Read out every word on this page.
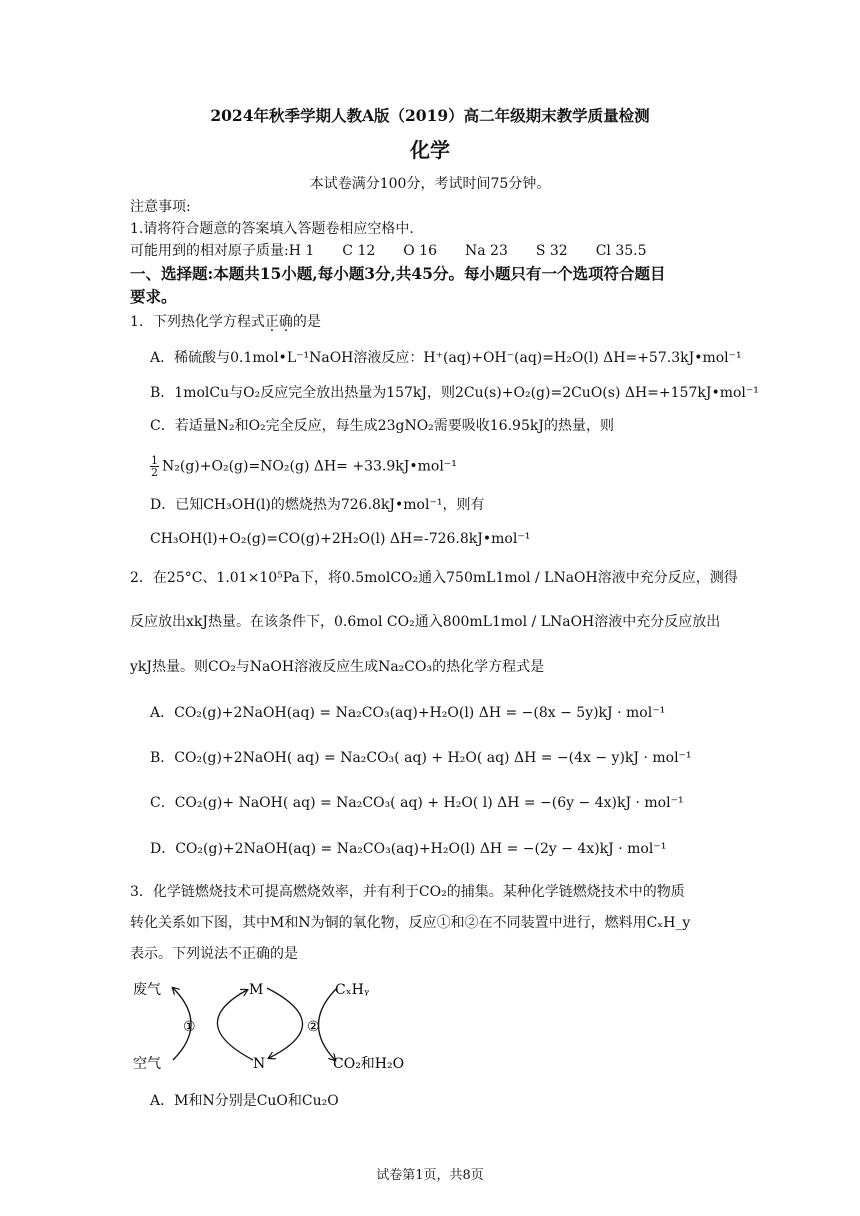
2024年秋季学期人教A版（2019）高二年级期末教学质量检测
化学
本试卷满分100分，考试时间75分钟。
注意事项:
1.请将符合题意的答案填入答题卷相应空格中.
可能用到的相对原子质量:H 1　　C 12　　O 16　　Na 23　　S 32　　Cl 35.5
一、选择题:本题共15小题,每小题3分,共45分。每小题只有一个选项符合题目
要求。
1．下列热化学方程式正确的是
A．稀硫酸与0.1mol•L⁻¹NaOH溶液反应：H⁺(aq)+OH⁻(aq)=H₂O(l) ΔH=+57.3kJ•mol⁻¹
B．1molCu与O₂反应完全放出热量为157kJ，则2Cu(s)+O₂(g)=2CuO(s) ΔH=+157kJ•mol⁻¹
C．若适量N₂和O₂完全反应，每生成23gNO₂需要吸收16.95kJ的热量，则
$\frac{1}{2} N_2(g)+O_2(g)=NO_2(g)$ ΔH= +33.9kJ•mol⁻¹
D．已知CH₃OH(l)的燃烧热为726.8kJ•mol⁻¹，则有
CH₃OH(l)+O₂(g)=CO(g)+2H₂O(l) ΔH=-726.8kJ•mol⁻¹
2．在25°C、1.01×10⁵Pa下，将0.5molCO₂通入750mL1mol / LNaOH溶液中充分反应，测得
反应放出xkJ热量。在该条件下，0.6mol CO₂通入800mL1mol / LNaOH溶液中充分反应放出
ykJ热量。则CO₂与NaOH溶液反应生成Na₂CO₃的热化学方程式是
A．CO₂(g)+2NaOH(aq) = Na₂CO₃(aq)+H₂O(l) ΔH = −(8x − 5y)kJ · mol⁻¹
B．CO₂(g)+2NaOH( aq) = Na₂CO₃( aq) + H₂O( aq) ΔH = −(4x − y)kJ · mol⁻¹
C．CO₂(g)+ NaOH( aq) = Na₂CO₃( aq) + H₂O( l) ΔH = −(6y − 4x)kJ · mol⁻¹
D．CO₂(g)+2NaOH(aq) = Na₂CO₃(aq)+H₂O(l) ΔH = −(2y − 4x)kJ · mol⁻¹
3．化学链燃烧技术可提高燃烧效率，并有利于CO₂的捕集。某种化学链燃烧技术中的物质
转化关系如下图，其中M和N为铜的氧化物，反应①和②在不同装置中进行，燃料用CₓH_y
表示。下列说法不正确的是
废气
空气
M
N
①	②
CₓHᵧ
CO₂和H₂O
A．M和N分别是CuO和Cu₂O
试卷第1页，共8页
